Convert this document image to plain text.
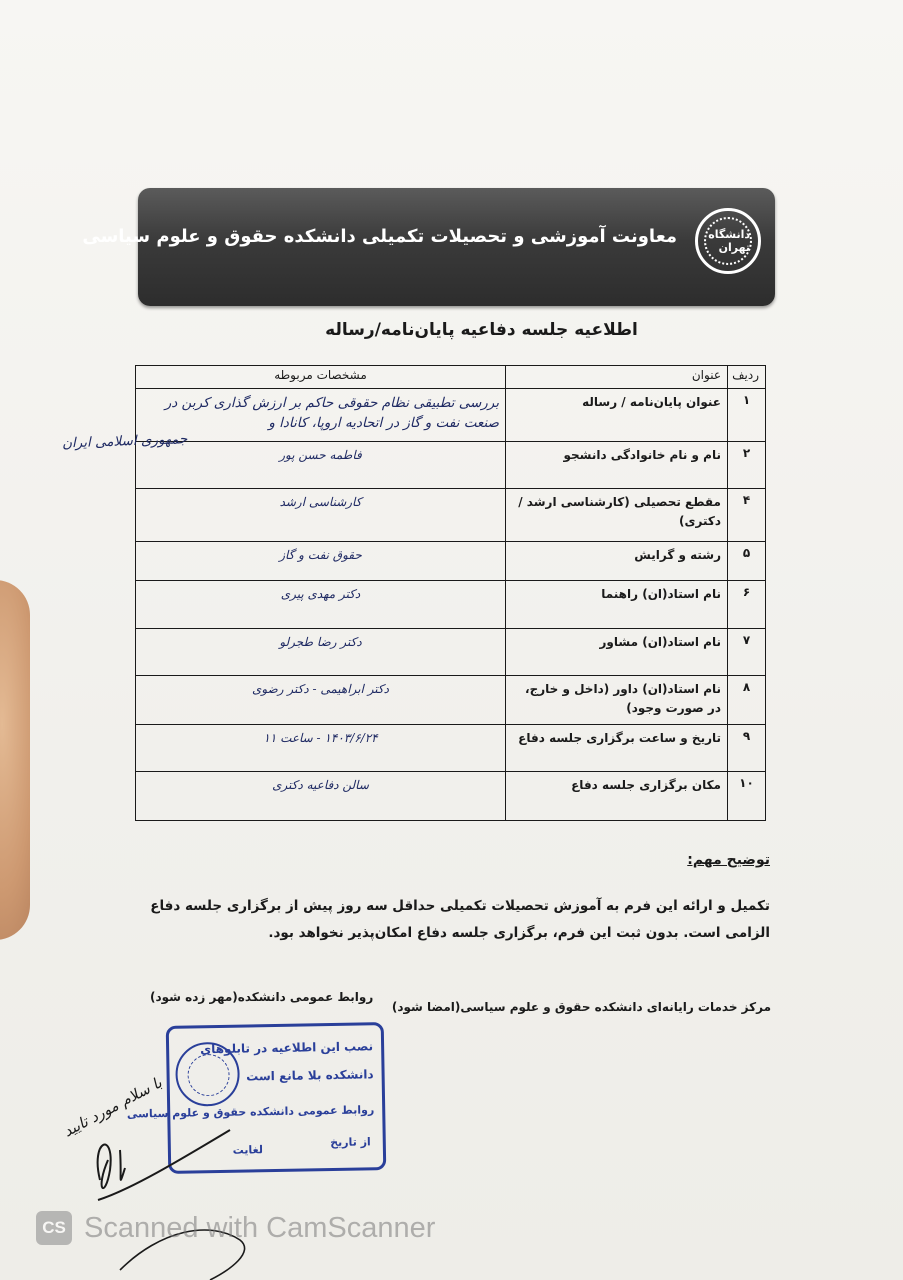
دانشگاه تهران
معاونت آموزشی و تحصیلات تکمیلی دانشکده حقوق و علوم سیاسی
اطلاعیه جلسه دفاعیه پایان‌نامه/رساله
ردیف	عنوان	مشخصات مربوطه
۱	عنوان پایان‌نامه / رساله	بررسی تطبیقی نظام حقوقی حاکم بر ارزش گذاری کربن در صنعت نفت و گاز در اتحادیه اروپا، کانادا و
۲	نام و نام خانوادگی دانشجو	فاطمه حسن پور
۴	مقطع تحصیلی (کارشناسی ارشد / دکتری)	کارشناسی ارشد
۵	رشته و گرایش	حقوق نفت و گاز
۶	نام استاد(ان) راهنما	دکتر مهدی پیری
۷	نام استاد(ان) مشاور	دکتر رضا طجرلو
۸	نام استاد(ان) داور (داخل و خارج، در صورت وجود)	دکتر ابراهیمی - دکتر رضوی
۹	تاریخ و ساعت برگزاری جلسه دفاع	۱۴۰۳/۶/۲۴ - ساعت ۱۱
۱۰	مکان برگزاری جلسه دفاع	سالن دفاعیه دکتری
جمهوری اسلامی ایران
توضیح مهم:
تکمیل و ارائه این فرم به آموزش تحصیلات تکمیلی حداقل سه روز پیش از برگزاری جلسه دفاع الزامی است. بدون ثبت این فرم، برگزاری جلسه دفاع امکان‌پذیر نخواهد بود.
مرکز خدمات رایانه‌ای دانشکده حقوق و علوم سیاسی(امضا شود)
روابط عمومی دانشکده(مهر زده شود)
نصب این اطلاعیه در تابلوهای
دانشکده بلا مانع است
روابط عمومی دانشکده حقوق و علوم سیاسی
از تاریخ
لغایت
با سلام مورد تایید
CS Scanned with CamScanner
